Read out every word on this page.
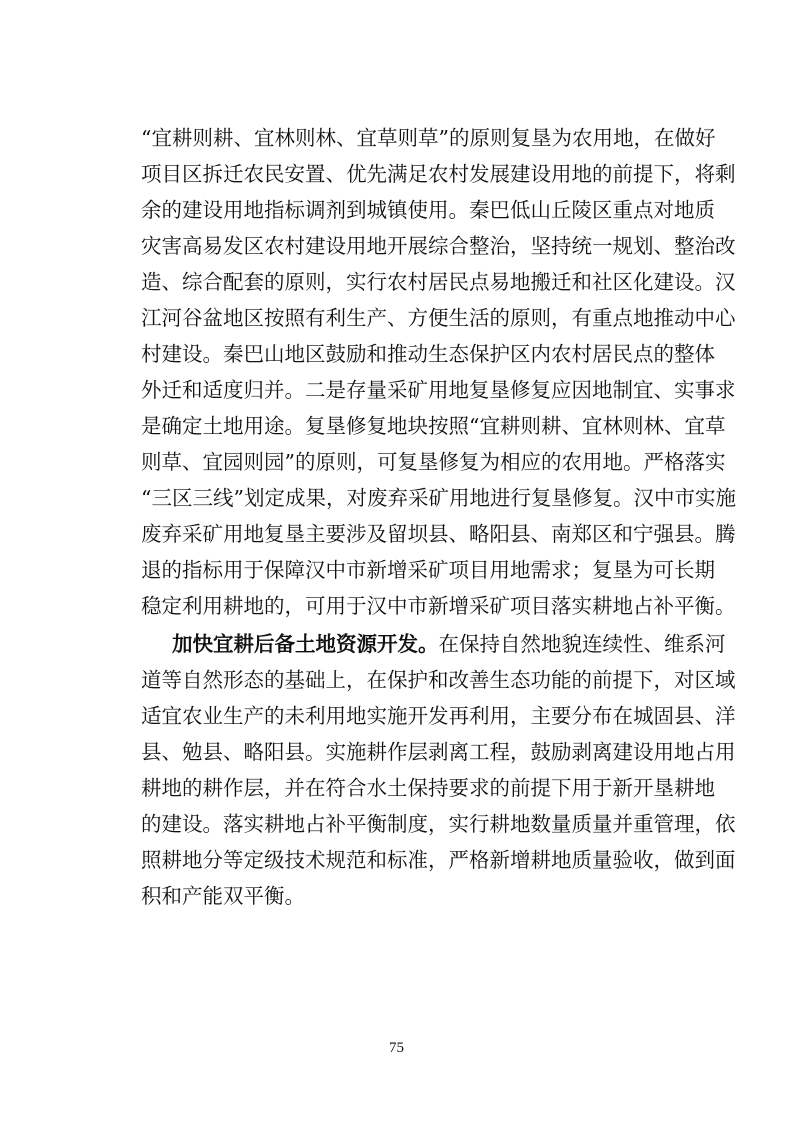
“宜耕则耕、宜林则林、宜草则草”的原则复垦为农用地，在做好
项目区拆迁农民安置、优先满足农村发展建设用地的前提下，将剩
余的建设用地指标调剂到城镇使用。秦巴低山丘陵区重点对地质
灾害高易发区农村建设用地开展综合整治，坚持统一规划、整治改
造、综合配套的原则，实行农村居民点易地搬迁和社区化建设。汉
江河谷盆地区按照有利生产、方便生活的原则，有重点地推动中心
村建设。秦巴山地区鼓励和推动生态保护区内农村居民点的整体
外迁和适度归并。二是存量采矿用地复垦修复应因地制宜、实事求
是确定土地用途。复垦修复地块按照“宜耕则耕、宜林则林、宜草
则草、宜园则园”的原则，可复垦修复为相应的农用地。严格落实
“三区三线”划定成果，对废弃采矿用地进行复垦修复。汉中市实施
废弃采矿用地复垦主要涉及留坝县、略阳县、南郑区和宁强县。腾
退的指标用于保障汉中市新增采矿项目用地需求；复垦为可长期
稳定利用耕地的，可用于汉中市新增采矿项目落实耕地占补平衡。
加快宜耕后备土地资源开发。在保持自然地貌连续性、维系河
道等自然形态的基础上，在保护和改善生态功能的前提下，对区域
适宜农业生产的未利用地实施开发再利用，主要分布在城固县、洋
县、勉县、略阳县。实施耕作层剥离工程，鼓励剥离建设用地占用
耕地的耕作层，并在符合水土保持要求的前提下用于新开垦耕地
的建设。落实耕地占补平衡制度，实行耕地数量质量并重管理，依
照耕地分等定级技术规范和标准，严格新增耕地质量验收，做到面
积和产能双平衡。
75
